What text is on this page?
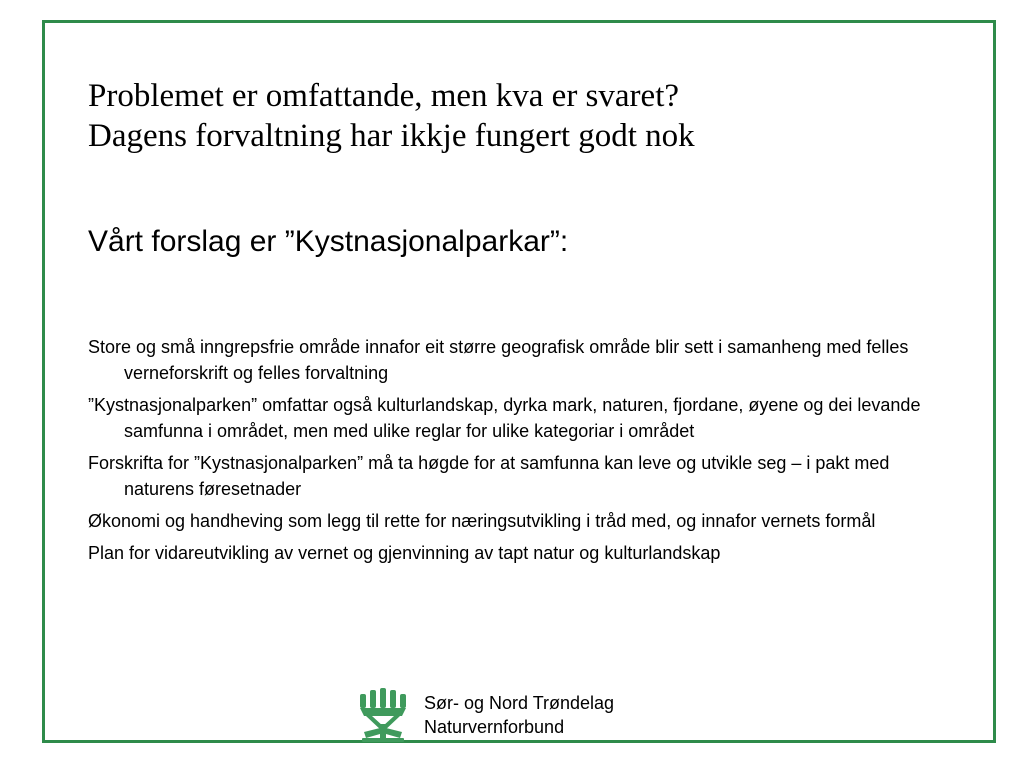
Problemet er omfattande, men kva er svaret?
Dagens forvaltning har ikkje fungert godt nok
Vårt forslag er ”Kystnasjonalparkar”:
Store og små inngrepsfrie område innafor eit større geografisk område blir sett i samanheng med felles verneforskrift og felles forvaltning
”Kystnasjonalparken” omfattar også kulturlandskap, dyrka mark, naturen, fjordane, øyene og dei levande samfunna i området, men med ulike reglar for ulike kategoriar i området
Forskrifta for ”Kystnasjonalparken” må ta høgde for at samfunna kan leve og utvikle seg – i pakt med naturens føresetnader
Økonomi og handheving som legg til rette for næringsutvikling i tråd med, og innafor vernets formål
Plan for vidareutvikling av vernet og gjenvinning av tapt natur og kulturlandskap
Sør- og Nord Trøndelag
Naturvernforbund
